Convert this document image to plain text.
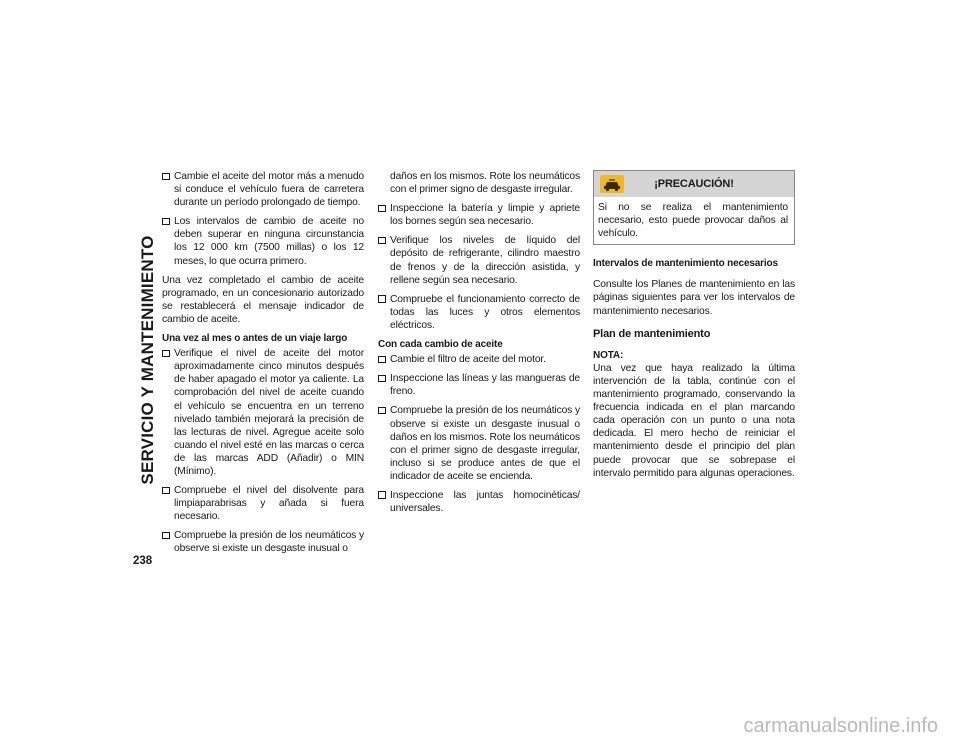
SERVICIO Y MANTENIMIENTO
238
Cambie el aceite del motor más a menudo si conduce el vehículo fuera de carretera durante un período prolongado de tiempo.
Los intervalos de cambio de aceite no deben superar en ninguna circunstancia los 12 000 km (7500 millas) o los 12 meses, lo que ocurra primero.

Una vez completado el cambio de aceite programado, en un concesionario autorizado se restablecerá el mensaje indicador de cambio de aceite.

Una vez al mes o antes de un viaje largo

Verifique el nivel de aceite del motor aproximadamente cinco minutos después de haber apagado el motor ya caliente. La comprobación del nivel de aceite cuando el vehículo se encuentra en un terreno nivelado también mejorará la precisión de las lecturas de nivel. Agregue aceite solo cuando el nivel esté en las marcas o cerca de las marcas ADD (Añadir) o MIN (Mínimo).
Compruebe el nivel del disolvente para limpiaparabrisas y añada si fuera necesario.
Compruebe la presión de los neumáticos y observe si existe un desgaste inusual o
daños en los mismos. Rote los neumáticos con el primer signo de desgaste irregular.
Inspeccione la batería y limpie y apriete los bornes según sea necesario.
Verifique los niveles de líquido del depósito de refrigerante, cilindro maestro de frenos y de la dirección asistida, y rellene según sea necesario.
Compruebe el funcionamiento correcto de todas las luces y otros elementos eléctricos.

Con cada cambio de aceite

Cambie el filtro de aceite del motor.
Inspeccione las líneas y las mangueras de freno.
Compruebe la presión de los neumáticos y observe si existe un desgaste inusual o daños en los mismos. Rote los neumáticos con el primer signo de desgaste irregular, incluso si se produce antes de que el indicador de aceite se encienda.
Inspeccione las juntas homocinéticas/ universales.
¡PRECAUCIÓN!
Si no se realiza el mantenimiento necesario, esto puede provocar daños al vehículo.

Intervalos de mantenimiento necesarios

Consulte los Planes de mantenimiento en las páginas siguientes para ver los intervalos de mantenimiento necesarios.

Plan de mantenimiento

NOTA:

Una vez que haya realizado la última intervención de la tabla, continúe con el mantenimiento programado, conservando la frecuencia indicada en el plan marcando cada operación con un punto o una nota dedicada. El mero hecho de reiniciar el mantenimiento desde el principio del plan puede provocar que se sobrepase el intervalo permitido para algunas operaciones.

carmanualsonline.info
